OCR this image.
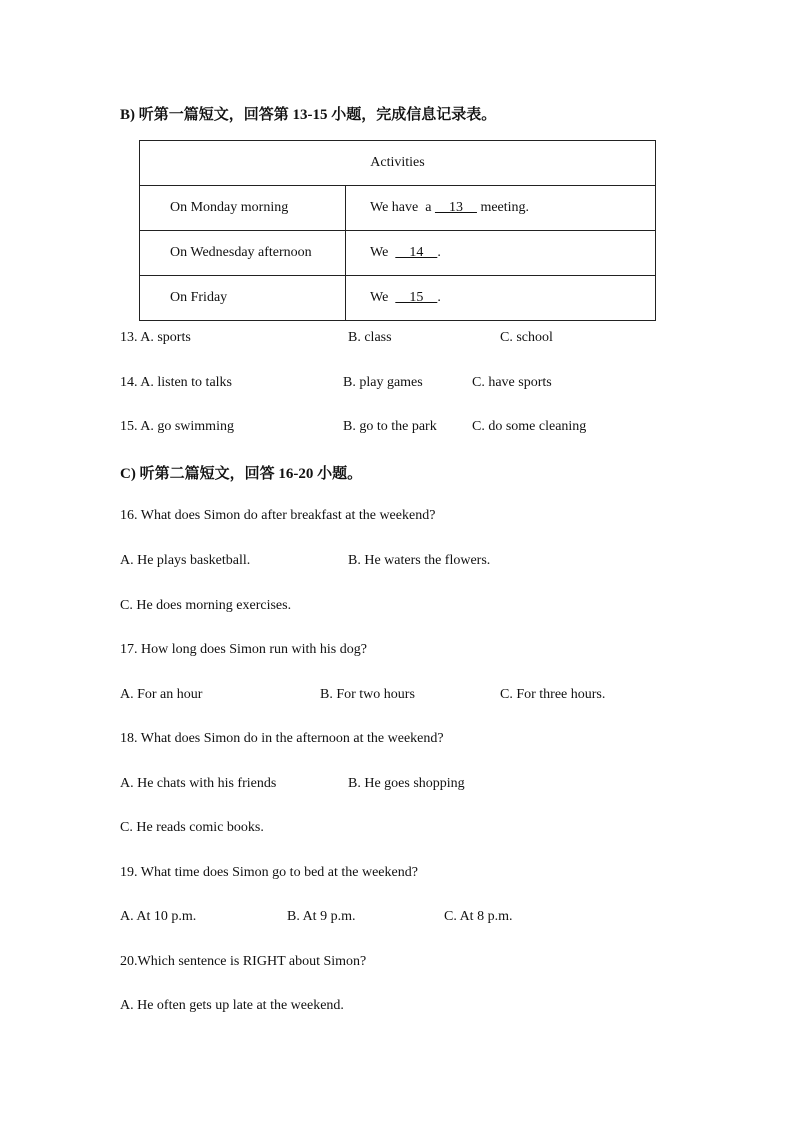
B) 听第一篇短文，回答第 13-15 小题，完成信息记录表。
Activities	
On Monday morning	We have  a     13     meeting.
On Wednesday afternoon	We      14    .
On Friday	We      15    .
13. A. sports	B. class	C. school
14. A. listen to talks	B. play games	C. have sports
15. A. go swimming	B. go to the park	C. do some cleaning
C) 听第二篇短文，回答 16-20 小题。
16. What does Simon do after breakfast at the weekend?
A. He plays basketball.	B. He waters the flowers.
C. He does morning exercises.
17. How long does Simon run with his dog?
A. For an hour	B. For two hours	C. For three hours.
18. What does Simon do in the afternoon at the weekend?
A. He chats with his friends	B. He goes shopping
C. He reads comic books.
19. What time does Simon go to bed at the weekend?
A. At 10 p.m.	B. At 9 p.m.	C. At 8 p.m.
20.Which sentence is RIGHT about Simon?
A. He often gets up late at the weekend.
